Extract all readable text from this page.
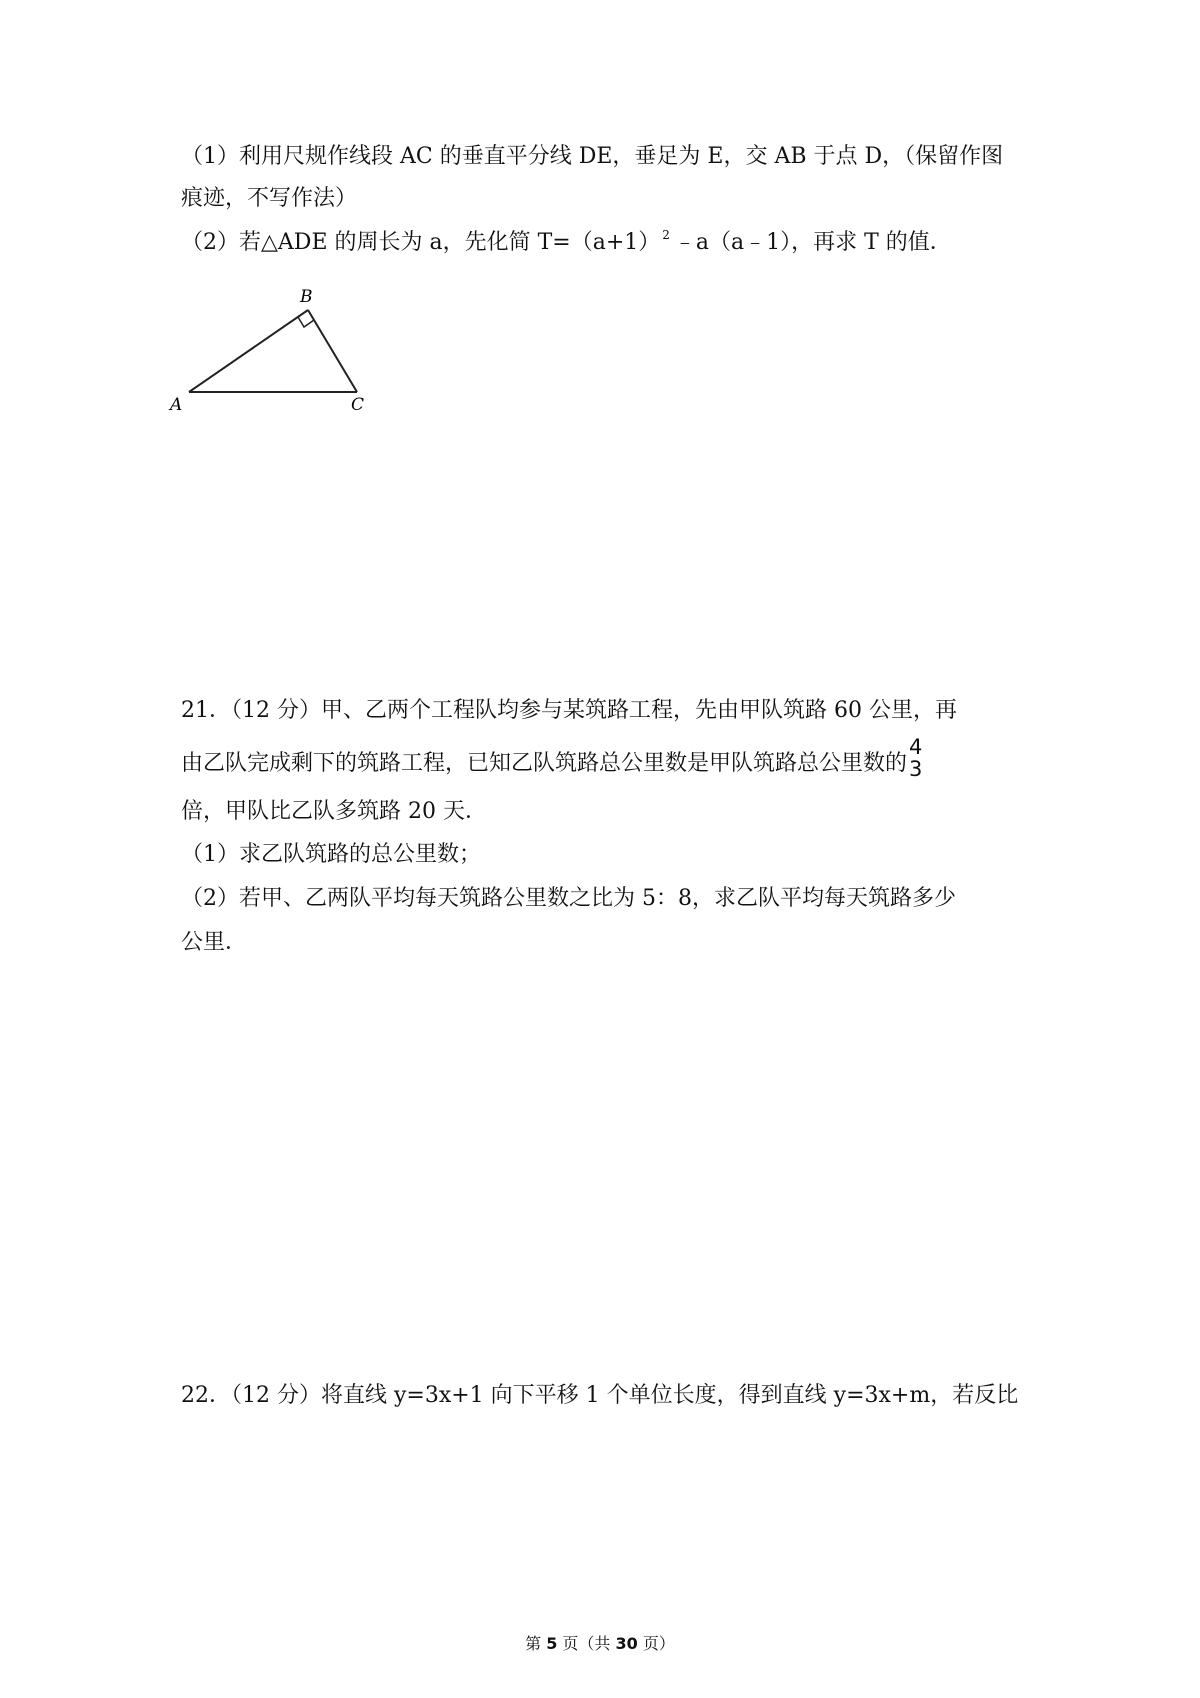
（1）利用尺规作线段 AC 的垂直平分线 DE，垂足为 E，交 AB 于点 D，（保留作图
痕迹，不写作法）
（2）若△ADE 的周长为 a，先化简 T=（a+1） $^2$ ﹣a（a﹣1），再求 T 的值．
A
B
C
21．（12 分）甲、乙两个工程队均参与某筑路工程，先由甲队筑路 60 公里，再
由乙队完成剩下的筑路工程，已知乙队筑路总公里数是甲队筑路总公里数的
4
3
倍，甲队比乙队多筑路 20 天．
（1）求乙队筑路的总公里数；
（2）若甲、乙两队平均每天筑路公里数之比为 5：8，求乙队平均每天筑路多少
公里．
22．（12 分）将直线 y=3x+1 向下平移 1 个单位长度，得到直线 y=3x+m，若反比
第 5 页（共 30 页）
